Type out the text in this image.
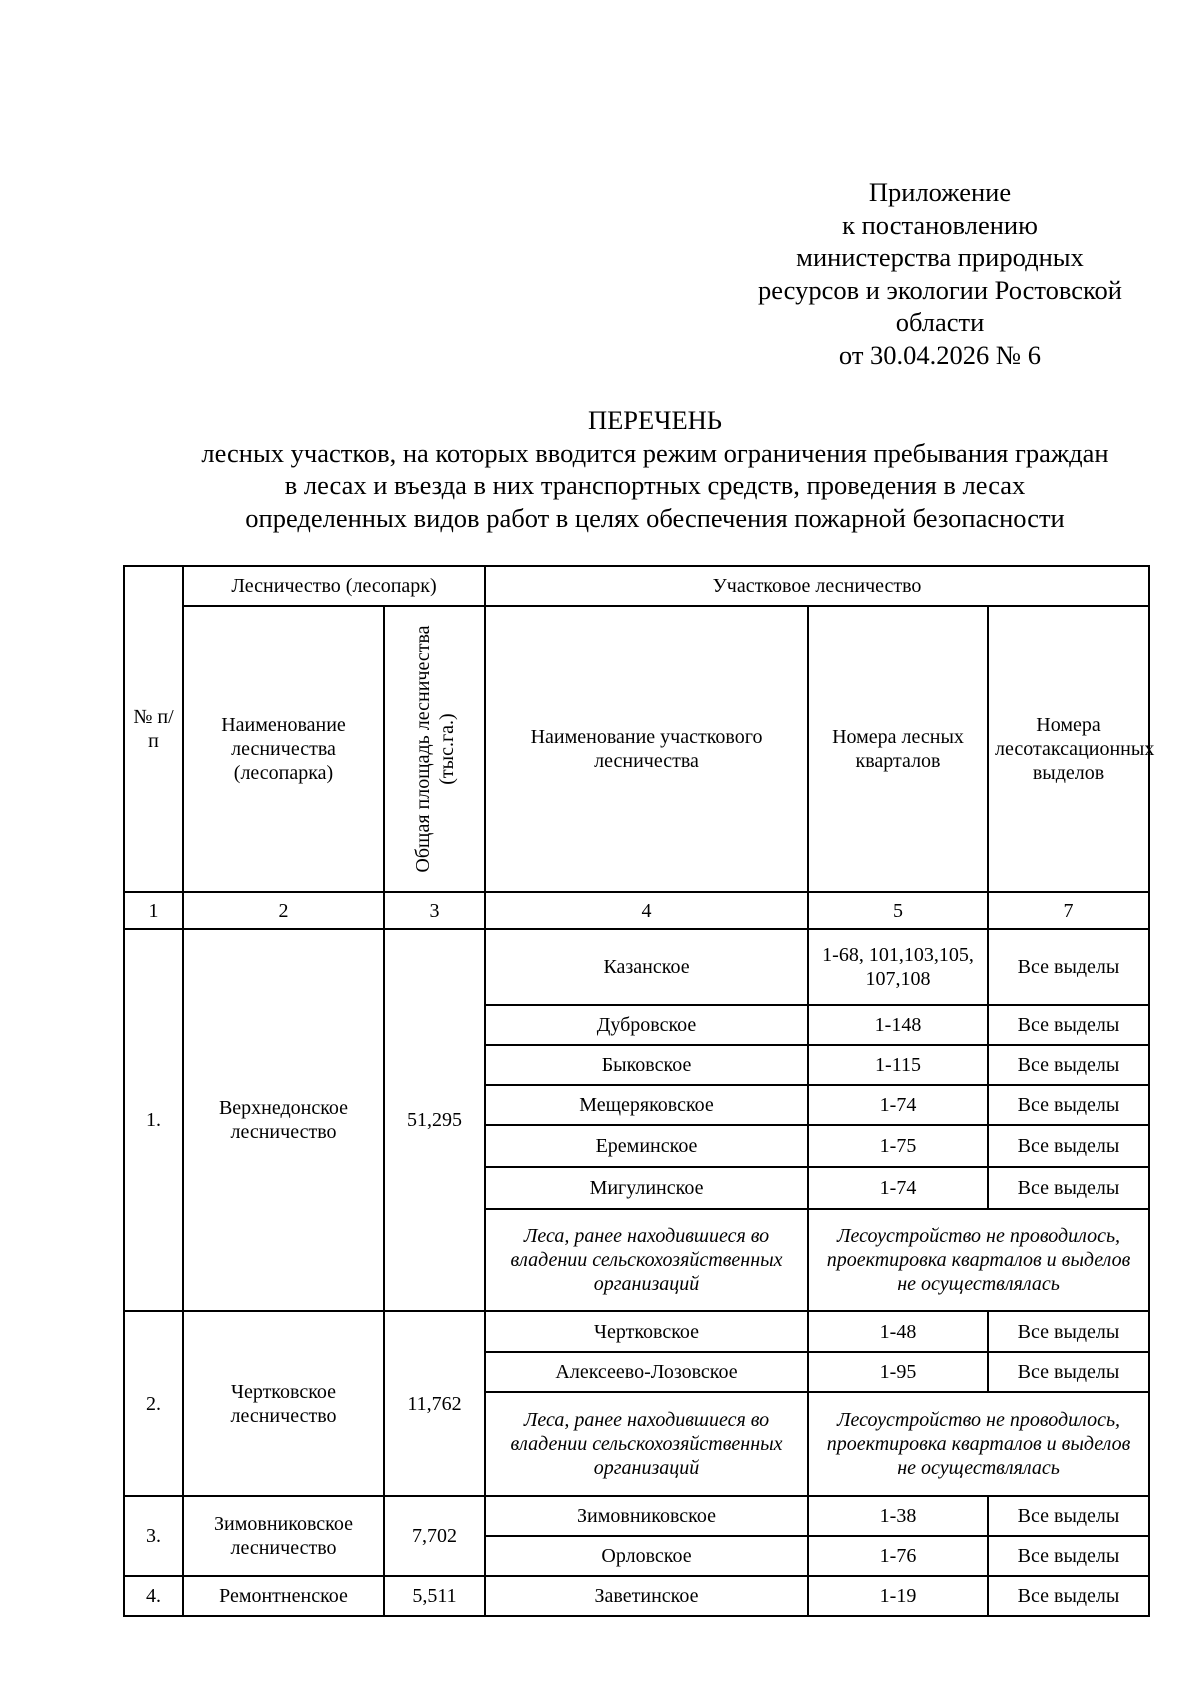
Приложение
к постановлению
министерства природных
ресурсов и экологии Ростовской
области
от 30.04.2026 № 6
ПЕРЕЧЕНЬ
лесных участков, на которых вводится режим ограничения пребывания граждан
в лесах и въезда в них транспортных средств, проведения в лесах
определенных видов работ в целях обеспечения пожарной безопасности
№ п/п	Лесничество (лесопарк)		Участковое лесничество		
	Наименование лесничества (лесопарка)	Общая площадь лесничества (тыс.га.)	Наименование участкового лесничества	Номера лесных кварталов	Номера лесотаксационных выделов
1	2	3	4	5	7
1.	Верхнедонское лесничество	51,295	Казанское	1-68, 101,103,105, 107,108	Все выделы
			Дубровское	1-148	Все выделы
			Быковское	1-115	Все выделы
			Мещеряковское	1-74	Все выделы
			Ереминское	1-75	Все выделы
			Мигулинское	1-74	Все выделы
			Леса, ранее находившиеся во владении сельскохозяйственных организаций	Лесоустройство не проводилось, проектировка кварталов и выделов не осуществлялась	
2.	Чертковское лесничество	11,762	Чертковское	1-48	Все выделы
			Алексеево-Лозовское	1-95	Все выделы
			Леса, ранее находившиеся во владении сельскохозяйственных организаций	Лесоустройство не проводилось, проектировка кварталов и выделов не осуществлялась	
3.	Зимовниковское лесничество	7,702	Зимовниковское	1-38	Все выделы
			Орловское	1-76	Все выделы
4.	Ремонтненское	5,511	Заветинское	1-19	Все выделы
